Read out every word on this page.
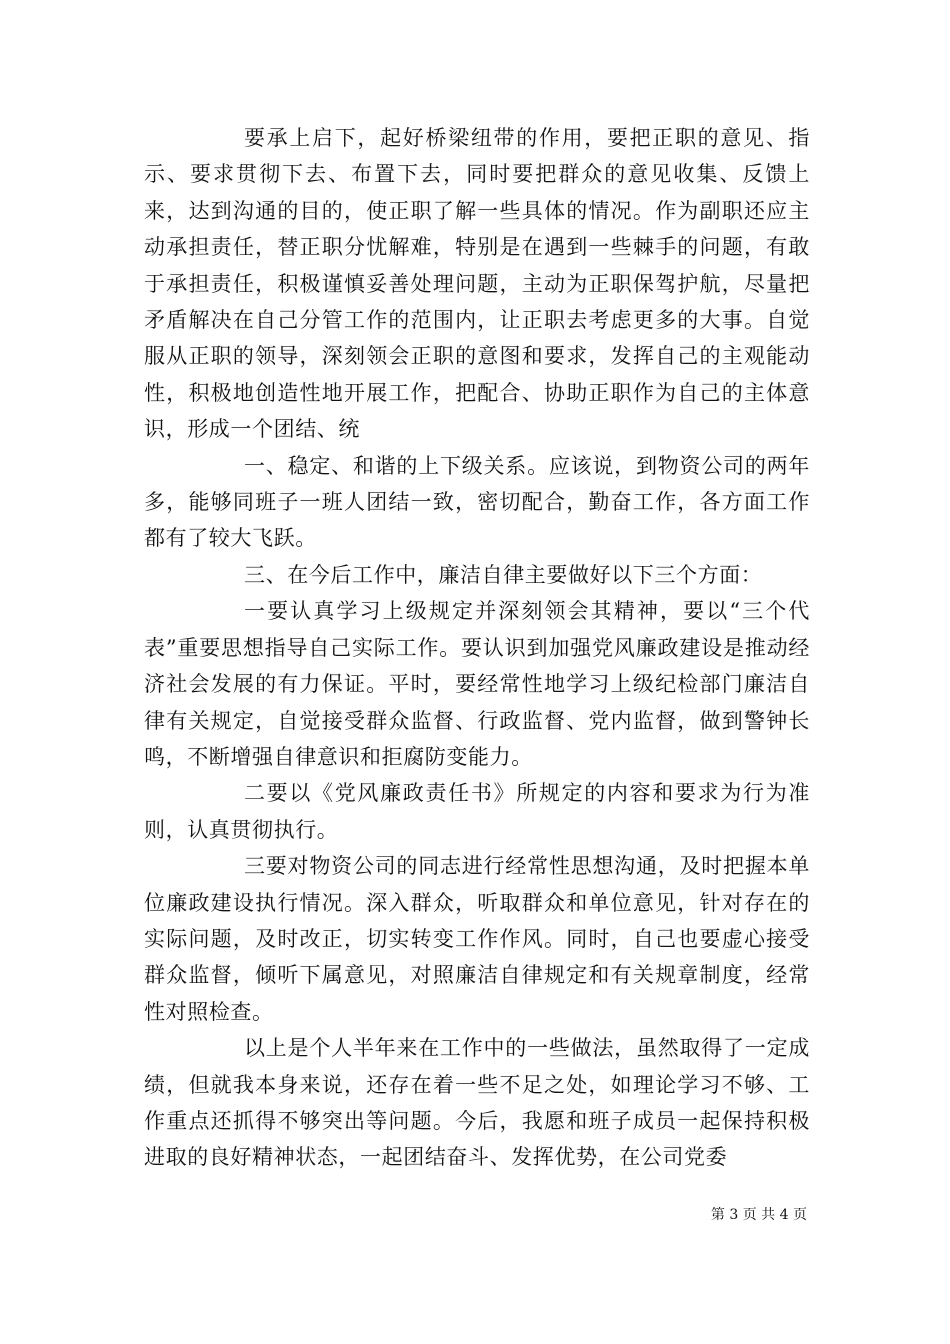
要承上启下，起好桥梁纽带的作用，要把正职的意见、指示、要求贯彻下去、布置下去，同时要把群众的意见收集、反馈上来，达到沟通的目的，使正职了解一些具体的情况。作为副职还应主动承担责任，替正职分忧解难，特别是在遇到一些棘手的问题，有敢于承担责任，积极谨慎妥善处理问题，主动为正职保驾护航，尽量把矛盾解决在自己分管工作的范围内，让正职去考虑更多的大事。自觉服从正职的领导，深刻领会正职的意图和要求，发挥自己的主观能动性，积极地创造性地开展工作，把配合、协助正职作为自己的主体意识，形成一个团结、统

一、稳定、和谐的上下级关系。应该说，到物资公司的两年多，能够同班子一班人团结一致，密切配合，勤奋工作，各方面工作都有了较大飞跃。

三、在今后工作中，廉洁自律主要做好以下三个方面：

一要认真学习上级规定并深刻领会其精神，要以“三个代表”重要思想指导自己实际工作。要认识到加强党风廉政建设是推动经济社会发展的有力保证。平时，要经常性地学习上级纪检部门廉洁自律有关规定，自觉接受群众监督、行政监督、党内监督，做到警钟长鸣，不断增强自律意识和拒腐防变能力。

二要以《党风廉政责任书》所规定的内容和要求为行为准则，认真贯彻执行。

三要对物资公司的同志进行经常性思想沟通，及时把握本单位廉政建设执行情况。深入群众，听取群众和单位意见，针对存在的实际问题，及时改正，切实转变工作作风。同时，自己也要虚心接受群众监督，倾听下属意见，对照廉洁自律规定和有关规章制度，经常性对照检查。

以上是个人半年来在工作中的一些做法，虽然取得了一定成绩，但就我本身来说，还存在着一些不足之处，如理论学习不够、工作重点还抓得不够突出等问题。今后，我愿和班子成员一起保持积极进取的良好精神状态，一起团结奋斗、发挥优势，在公司党委

第 3 页 共 4 页
